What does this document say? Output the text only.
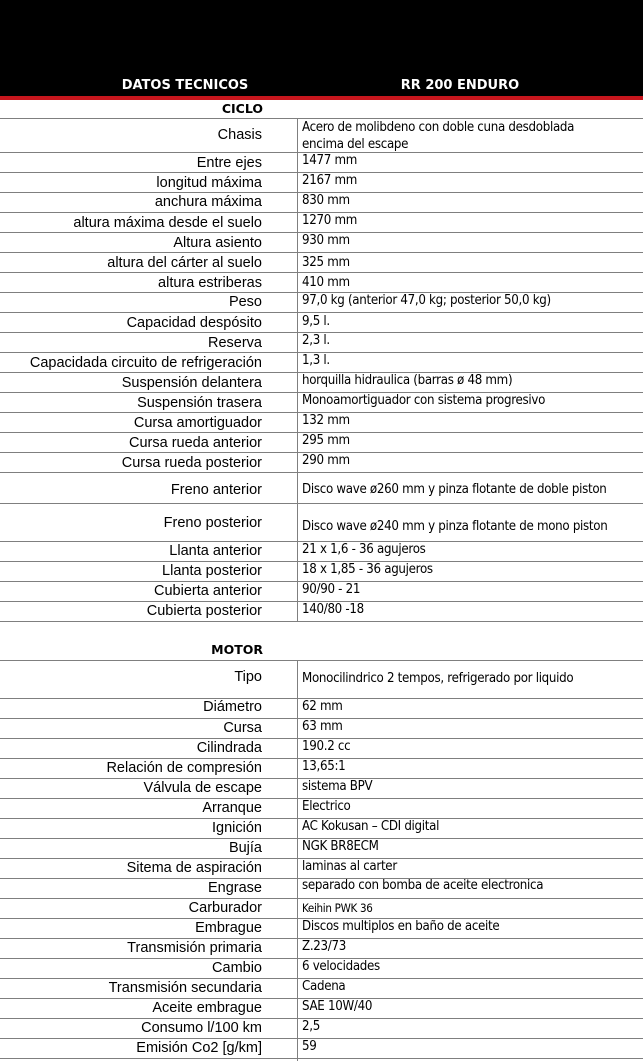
DATOS TECNICOS	RR 200 ENDURO
CICLO
Chasis	Acero de molibdeno con doble cuna desdoblada encima del escape
Entre ejes	1477 mm
longitud máxima	2167 mm
anchura máxima	830 mm
altura máxima desde el suelo	1270 mm
Altura asiento	930 mm
altura del cárter al suelo	325 mm
altura estriberas	410 mm
Peso	97,0 kg (anterior 47,0 kg; posterior 50,0 kg)
Capacidad despósito	9,5 l.
Reserva	2,3 l.
Capacidada circuito de refrigeración	1,3 l.
Suspensión delantera	horquilla hidraulica (barras ø 48 mm)
Suspensión trasera	Monoamortiguador con sistema progresivo
Cursa amortiguador	132 mm
Cursa rueda anterior	295 mm
Cursa rueda posterior	290 mm
Freno anterior	Disco wave ø260 mm y pinza flotante de doble piston
Freno posterior	Disco wave ø240 mm y pinza flotante de mono piston
Llanta anterior	21 x 1,6 - 36 agujeros
Llanta posterior	18 x 1,85 - 36 agujeros
Cubierta anterior	90/90 - 21
Cubierta posterior	140/80 -18
MOTOR
Tipo	Monocilindrico 2 tempos, refrigerado por liquido
Diámetro	62 mm
Cursa	63 mm
Cilindrada	190.2 cc
Relación de compresión	13,65:1
Válvula de escape	sistema BPV
Arranque	Electrico
Ignición	AC Kokusan – CDI digital
Bujía	NGK BR8ECM
Sitema de aspiración	laminas al carter
Engrase	separado con bomba de aceite electronica
Carburador	Keihin PWK 36
Embrague	Discos multiplos en baño de aceite
Transmisión primaria	Z.23/73
Cambio	6 velocidades
Transmisión secundaria	Cadena
Aceite embrague	SAE 10W/40
Consumo l/100 km	2,5
Emisión Co2 [g/km]	59
